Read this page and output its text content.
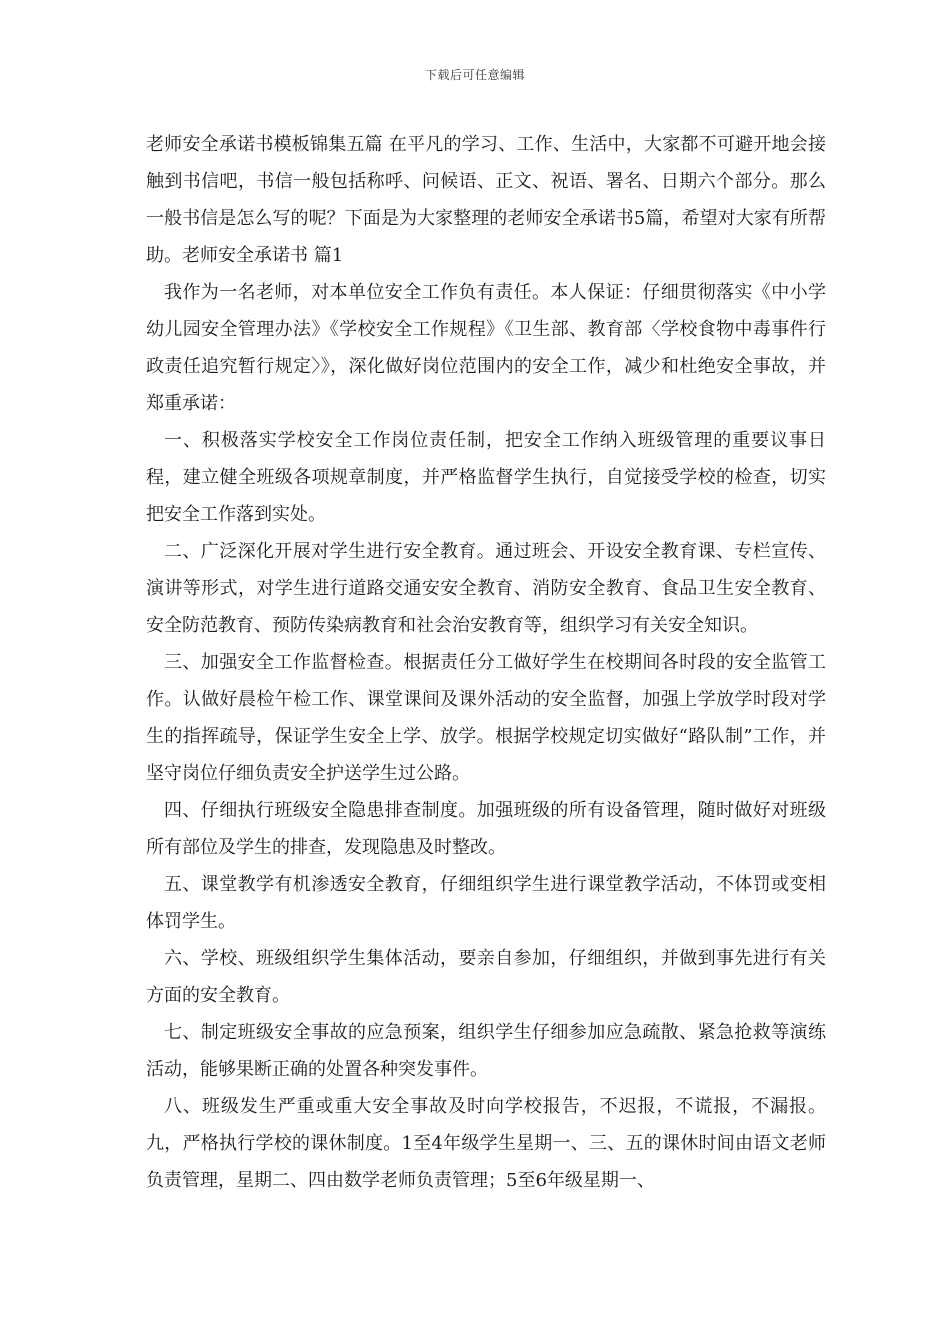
下载后可任意编辑

老师安全承诺书模板锦集五篇 在平凡的学习、工作、生活中，大家都不可避开地会接触到书信吧，书信一般包括称呼、问候语、正文、祝语、署名、日期六个部分。那么一般书信是怎么写的呢？下面是为大家整理的老师安全承诺书5篇，希望对大家有所帮助。老师安全承诺书 篇1

我作为一名老师，对本单位安全工作负有责任。本人保证：仔细贯彻落实《中小学幼儿园安全管理办法》《学校安全工作规程》《卫生部、教育部〈学校食物中毒事件行政责任追究暂行规定〉》，深化做好岗位范围内的安全工作，减少和杜绝安全事故，并郑重承诺：

一、积极落实学校安全工作岗位责任制，把安全工作纳入班级管理的重要议事日程，建立健全班级各项规章制度，并严格监督学生执行，自觉接受学校的检查，切实把安全工作落到实处。

二、广泛深化开展对学生进行安全教育。通过班会、开设安全教育课、专栏宣传、演讲等形式，对学生进行道路交通安安全教育、消防安全教育、食品卫生安全教育、安全防范教育、预防传染病教育和社会治安教育等，组织学习有关安全知识。

三、加强安全工作监督检查。根据责任分工做好学生在校期间各时段的安全监管工作。认做好晨检午检工作、课堂课间及课外活动的安全监督，加强上学放学时段对学生的指挥疏导，保证学生安全上学、放学。根据学校规定切实做好“路队制”工作，并坚守岗位仔细负责安全护送学生过公路。

四、仔细执行班级安全隐患排查制度。加强班级的所有设备管理，随时做好对班级所有部位及学生的排查，发现隐患及时整改。

五、课堂教学有机渗透安全教育，仔细组织学生进行课堂教学活动，不体罚或变相体罚学生。

六、学校、班级组织学生集体活动，要亲自参加，仔细组织，并做到事先进行有关方面的安全教育。

七、制定班级安全事故的应急预案，组织学生仔细参加应急疏散、紧急抢救等演练活动，能够果断正确的处置各种突发事件。

八、班级发生严重或重大安全事故及时向学校报告，不迟报，不谎报，不漏报。 九，严格执行学校的课休制度。1至4年级学生星期一、三、五的课休时间由语文老师负责管理，星期二、四由数学老师负责管理；5至6年级星期一、
